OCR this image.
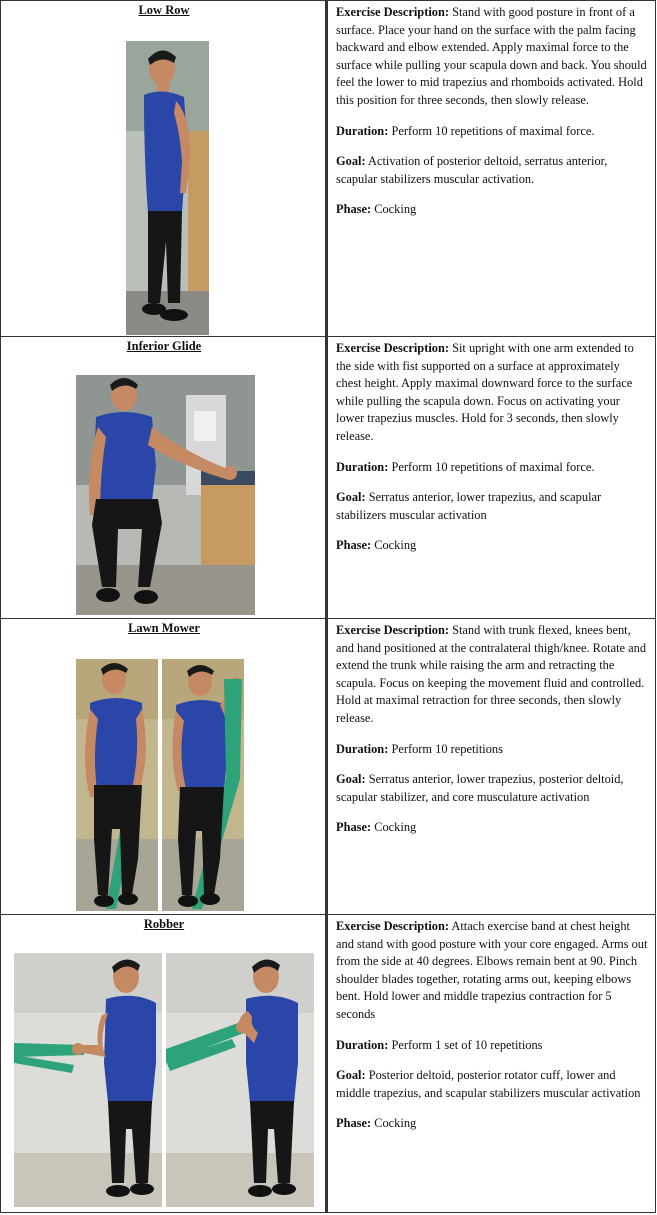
Low Row	Exercise Description: Stand with good posture in front of a surface. Place your hand on the surface with the palm facing backward and elbow extended. Apply maximal force to the surface while pulling your scapula down and back. You should feel the lower to mid trapezius and rhomboids activated. Hold this position for three seconds, then slowly release.

Duration: Perform 10 repetitions of maximal force.

Goal: Activation of posterior deltoid, serratus anterior, scapular stabilizers muscular activation.

Phase: Cocking

Inferior Glide	Exercise Description: Sit upright with one arm extended to the side with fist supported on a surface at approximately chest height. Apply maximal downward force to the surface while pulling the scapula down. Focus on activating your lower trapezius muscles. Hold for 3 seconds, then slowly release.

Duration: Perform 10 repetitions of maximal force.

Goal: Serratus anterior, lower trapezius, and scapular stabilizers muscular activation

Phase: Cocking

Lawn Mower	Exercise Description: Stand with trunk flexed, knees bent, and hand positioned at the contralateral thigh/knee. Rotate and extend the trunk while raising the arm and retracting the scapula. Focus on keeping the movement fluid and controlled. Hold at maximal retraction for three seconds, then slowly release.

Duration: Perform 10 repetitions

Goal: Serratus anterior, lower trapezius, posterior deltoid, scapular stabilizer, and core musculature activation

Phase: Cocking

Robber	Exercise Description: Attach exercise band at chest height and stand with good posture with your core engaged. Arms out from the side at 40 degrees. Elbows remain bent at 90. Pinch shoulder blades together, rotating arms out, keeping elbows bent. Hold lower and middle trapezius contraction for 5 seconds

Duration: Perform 1 set of 10 repetitions

Goal: Posterior deltoid, posterior rotator cuff, lower and middle trapezius, and scapular stabilizers muscular activation

Phase: Cocking
